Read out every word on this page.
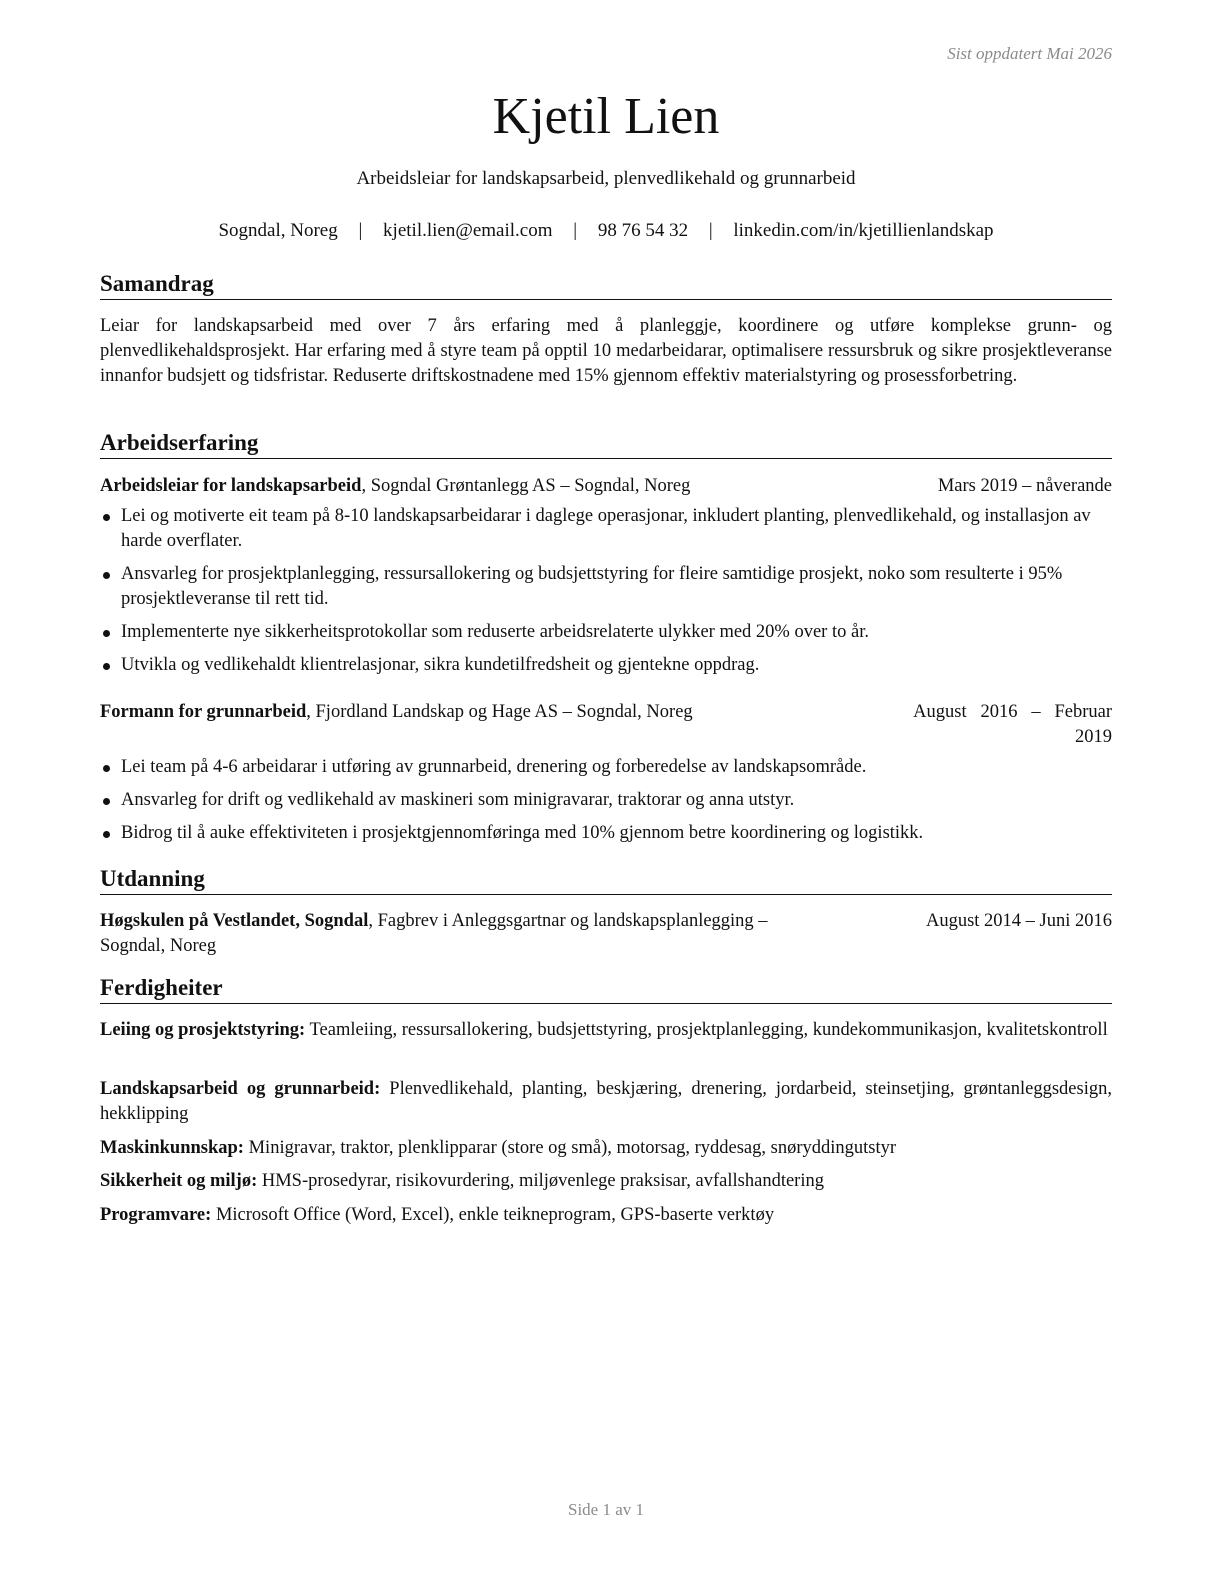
Sist oppdatert Mai 2026
Kjetil Lien
Arbeidsleiar for landskapsarbeid, plenvedlikehald og grunnarbeid
Sogndal, Noreg | kjetil.lien@email.com | 98 76 54 32 | linkedin.com/in/kjetillienlandskap
Samandrag
Leiar for landskapsarbeid med over 7 års erfaring med å planleggje, koordinere og utføre komplekse grunn- og plenvedlikehaldsprosjekt. Har erfaring med å styre team på opptil 10 medarbeidarar, optimalisere ressursbruk og sikre prosjektleveranse innanfor budsjett og tidsfristar. Reduserte driftskostnadene med 15% gjennom effektiv materialstyring og prosessforbetring.
Arbeidserfaring
Arbeidsleiar for landskapsarbeid, Sogndal Grøntanlegg AS – Sogndal, Noreg	Mars 2019 – nåverande
Lei og motiverte eit team på 8-10 landskapsarbeidarar i daglege operasjonar, inkludert planting, plenvedlikehald, og installasjon av harde overflater.
Ansvarleg for prosjektplanlegging, ressursallokering og budsjettstyring for fleire samtidige prosjekt, noko som resulterte i 95% prosjektleveranse til rett tid.
Implementerte nye sikkerheitsprotokollar som reduserte arbeidsrelaterte ulykker med 20% over to år.
Utvikla og vedlikehaldt klientrelasjonar, sikra kundetilfredsheit og gjentekne oppdrag.
Formann for grunnarbeid, Fjordland Landskap og Hage AS – Sogndal, Noreg	August   2016   –   Februar
2019
Lei team på 4-6 arbeidarar i utføring av grunnarbeid, drenering og forberedelse av landskapsområde.
Ansvarleg for drift og vedlikehald av maskineri som minigravarar, traktorar og anna utstyr.
Bidrog til å auke effektiviteten i prosjektgjennomføringa med 10% gjennom betre koordinering og logistikk.
Utdanning
Høgskulen på Vestlandet, Sogndal, Fagbrev i Anleggsgartnar og landskapsplanlegging –
Sogndal, Noreg
August 2014 – Juni 2016
Ferdigheiter
Leiing og prosjektstyring: Teamleiing, ressursallokering, budsjettstyring, prosjektplanlegging, kundekommunikasjon, kvalitetskontroll
Landskapsarbeid og grunnarbeid: Plenvedlikehald, planting, beskjæring, drenering, jordarbeid, steinsetjing, grøntanleggsdesign, hekklipping
Maskinkunnskap: Minigravar, traktor, plenklipparar (store og små), motorsag, ryddesag, snøryddingutstyr
Sikkerheit og miljø: HMS-prosedyrar, risikovurdering, miljøvenlege praksisar, avfallshandtering
Programvare: Microsoft Office (Word, Excel), enkle teikneprogram, GPS-baserte verktøy
Side 1 av 1
